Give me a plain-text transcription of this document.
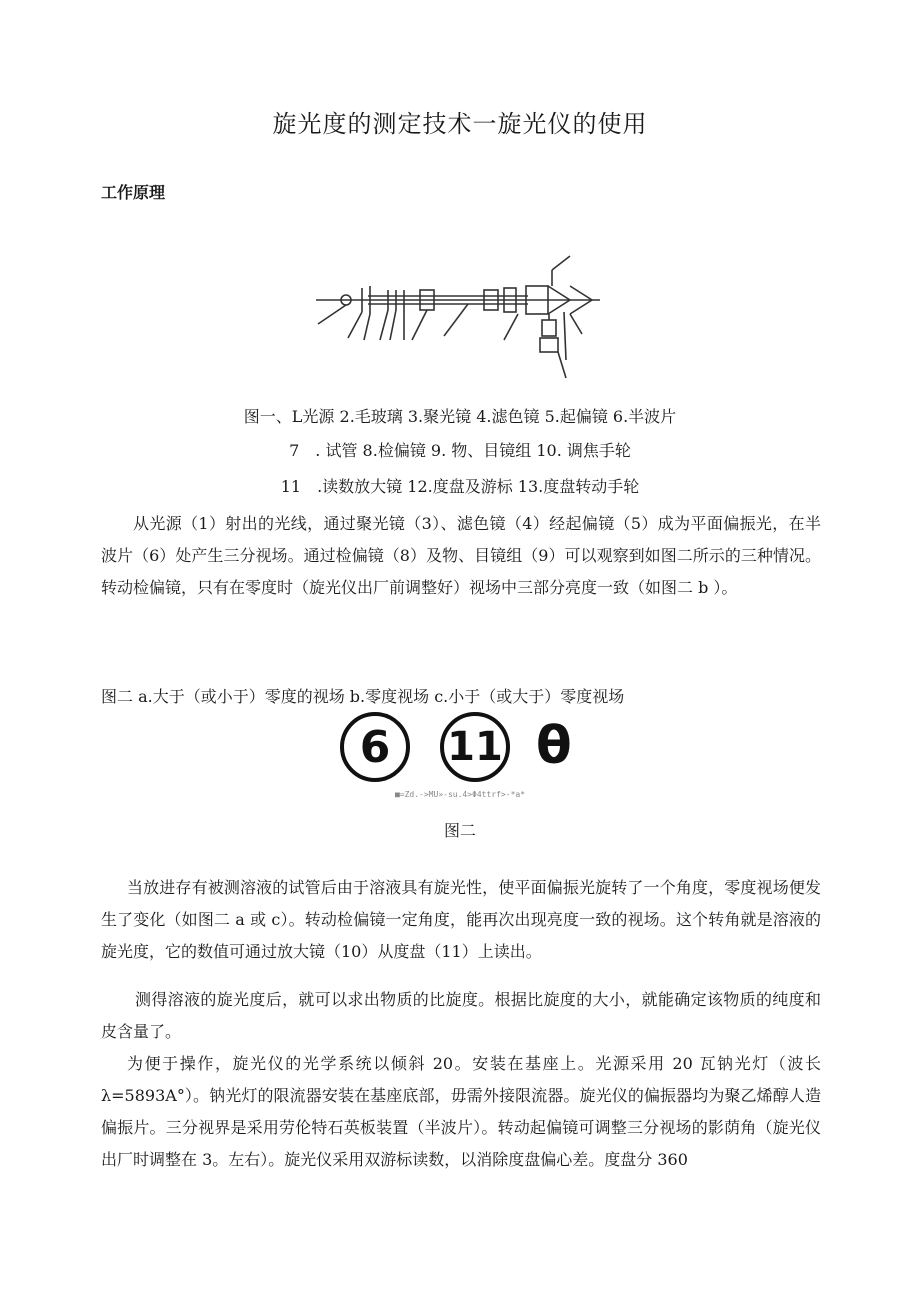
旋光度的测定技术一旋光仪的使用
工作原理
图一、L光源 2.毛玻璃 3.聚光镜 4.滤色镜 5.起偏镜 6.半波片
7　. 试管 8.检偏镜 9. 物、目镜组 10. 调焦手轮
11　.读数放大镜 12.度盘及游标 13.度盘转动手轮

从光源（1）射出的光线，通过聚光镜（3）、滤色镜（4）经起偏镜（5）成为平面偏振光，在半波片（6）处产生三分视场。通过检偏镜（8）及物、目镜组（9）可以观察到如图二所示的三种情况。转动检偏镜，只有在零度时（旋光仪出厂前调整好）视场中三部分亮度一致（如图二 b ）。

图二 a.大于（或小于）零度的视场 b.零度视场 c.小于（或大于）零度视场
6	11 θ
■=Zd.->MU»-su.4>Φ4ttrf>-*a*
图二

当放进存有被测溶液的试管后由于溶液具有旋光性，使平面偏振光旋转了一个角度，零度视场便发生了变化（如图二 a 或 c）。转动检偏镜一定角度，能再次出现亮度一致的视场。这个转角就是溶液的旋光度，它的数值可通过放大镜（10）从度盘（11）上读出。

测得溶液的旋光度后，就可以求出物质的比旋度。根据比旋度的大小，就能确定该物质的纯度和皮含量了。

为便于操作，旋光仪的光学系统以倾斜 20。安装在基座上。光源采用 20 瓦钠光灯（波长λ=5893A°）。钠光灯的限流器安装在基座底部，毋需外接限流器。旋光仪的偏振器均为聚乙烯醇人造偏振片。三分视界是采用劳伦特石英板装置（半波片）。转动起偏镜可调整三分视场的影荫角（旋光仪出厂时调整在 3。左右）。旋光仪采用双游标读数，以消除度盘偏心差。度盘分 360
